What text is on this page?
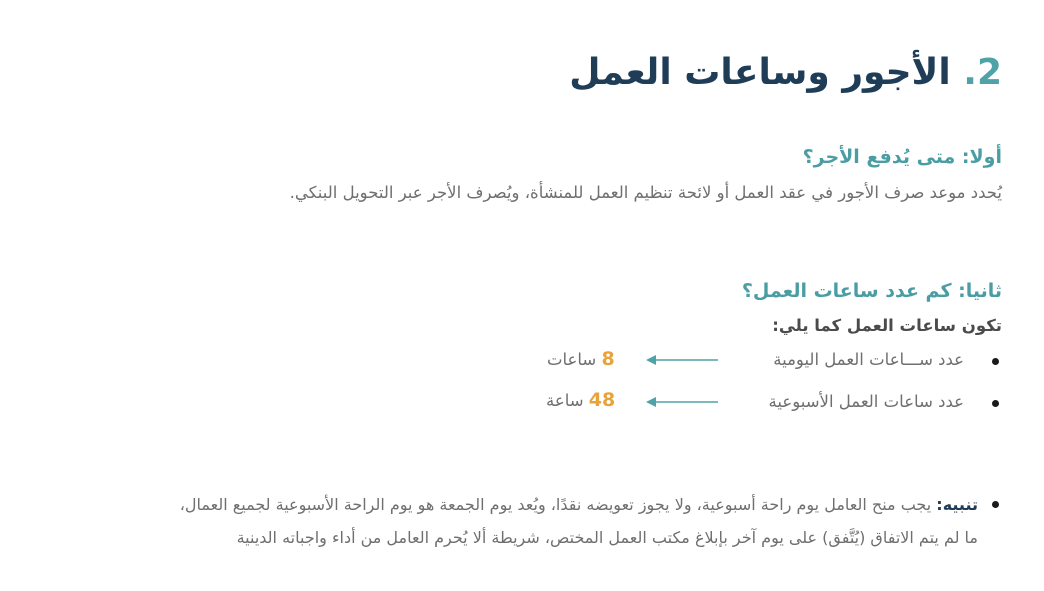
2. الأجور وساعات العمل
أولا: متى يُدفع الأجر؟
يُحدد موعد صرف الأجور في عقد العمل أو لائحة تنظيم العمل للمنشأة، ويُصرف الأجر عبر التحويل البنكي.
ثانيا: كم عدد ساعات العمل؟
تكون ساعات العمل كما يلي:
عدد ســـاعات العمل اليومية
8 ساعات
عدد ساعات العمل الأسبوعية
48 ساعة
تنبيه: يجب منح العامل يوم راحة أسبوعية، ولا يجوز تعويضه نقدًا، ويُعد يوم الجمعة هو يوم الراحة الأسبوعية لجميع العمال،
ما لم يتم الاتفاق (يُتَّفق) على يوم آخر بإبلاغ مكتب العمل المختص، شريطة ألا يُحرم العامل من أداء واجباته الدينية
